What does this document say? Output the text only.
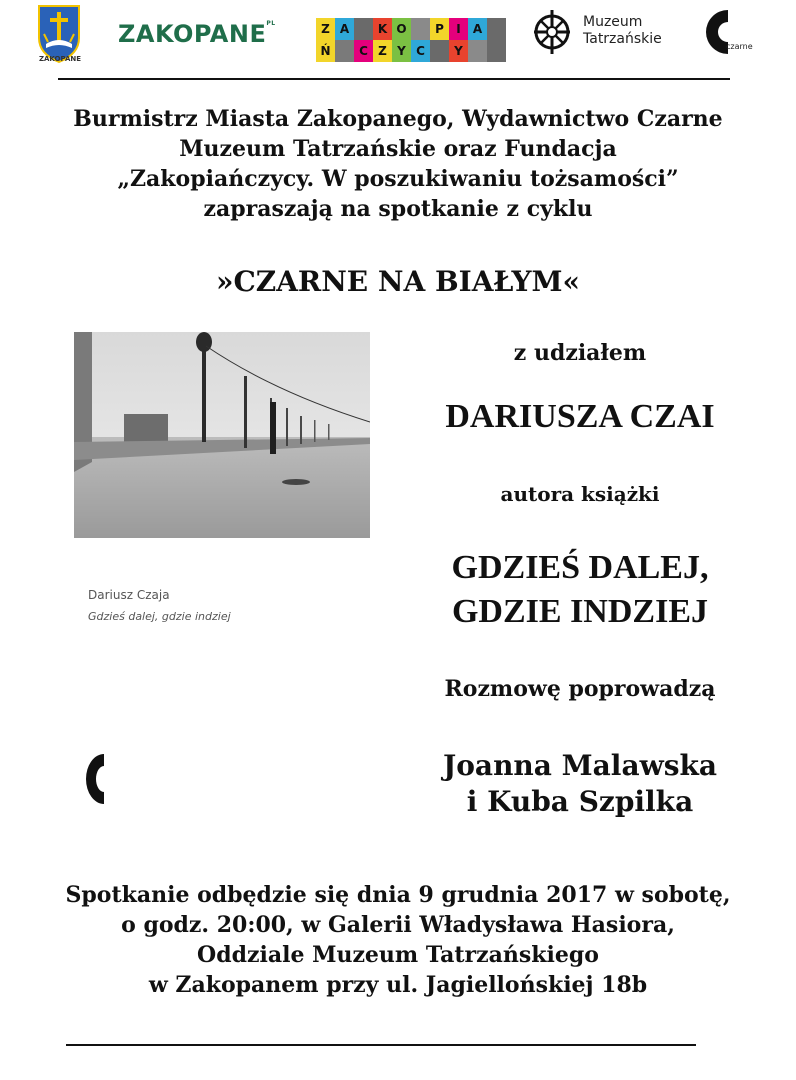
ZAKOPANE
$ZAKOPANE^{PL}$	Z A	K O	P	I	A
Ń	C Z Y C	Y
Muzeum
Tatrzańskie	czarne
Burmistrz Miasta Zakopanego, Wydawnictwo Czarne
Muzeum Tatrzańskie oraz Fundacja
„Zakopiańczycy. W poszukiwaniu tożsamości”
zapraszają na spotkanie z cyklu
»CZARNE NA BIAŁYM«
Dariusz Czaja
Gdzieś dalej, gdzie indziej
z udziałem
DARIUSZA CZAI
autora książki
GDZIEŚ DALEJ,
GDZIE INDZIEJ
Rozmowę poprowadzą
Joanna Malawska
i Kuba Szpilka
Spotkanie odbędzie się dnia 9 grudnia 2017 w sobotę,
o godz. 20:00, w Galerii Władysława Hasiora,
Oddziale Muzeum Tatrzańskiego
w Zakopanem przy ul. Jagiellońskiej 18b
